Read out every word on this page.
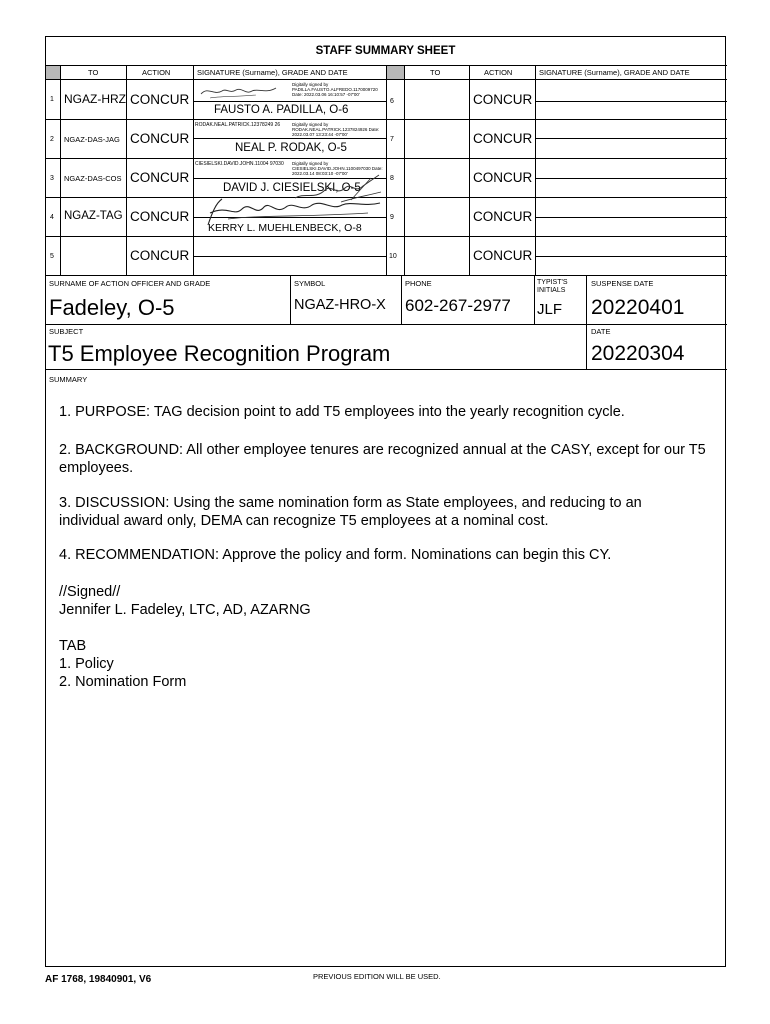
STAFF SUMMARY SHEET
TO	ACTION	SIGNATURE (Surname), GRADE AND DATE	TO	ACTION	SIGNATURE (Surname), GRADE AND DATE
1 NGAZ-HRZ CONCUR
Digitally signed by PADILLA.FAUSTO.ALFREDO.1170009720 Date: 2022.03.06 16:10:57 -07'00'
FAUSTO A. PADILLA, O-6
2 NGAZ-DAS-JAG CONCUR
RODAK.NEAL.PATRICK.12378249 26	Digitally signed by RODAK.NEAL.PATRICK.1237824926 Date: 2022.03.07 13:23:44 -07'00'
NEAL P. RODAK, O-5
3 NGAZ-DAS-COS CONCUR
CIESIELSKI.DAVID.JOHN.11004 97030	Digitally signed by CIESIELSKI.DAVID.JOHN.1100497030 Date: 2022.03.14 08:03:10 -07'00'
DAVID J. CIESIELSKI, O-5
4 NGAZ-TAG CONCUR
KERRY L. MUEHLENBECK, O-8
5	CONCUR
6	CONCUR
7	CONCUR
8	CONCUR
9	CONCUR
10	CONCUR
SURNAME OF ACTION OFFICER AND GRADE
Fadeley, O-5
SYMBOL
NGAZ-HRO-X
PHONE
602-267-2977
TYPIST'S
INITIALS
JLF
SUSPENSE DATE
20220401
SUBJECT
T5 Employee Recognition Program
DATE
20220304
SUMMARY
1. PURPOSE: TAG decision point to add T5 employees into the yearly recognition cycle.
2. BACKGROUND: All other employee tenures are recognized annual at the CASY, except for our T5 employees.
3. DISCUSSION: Using the same nomination form as State employees, and reducing to an individual award only, DEMA can recognize T5 employees at a nominal cost.
4. RECOMMENDATION: Approve the policy and form. Nominations can begin this CY.
//Signed//
Jennifer L. Fadeley, LTC, AD, AZARNG
TAB
1. Policy
2. Nomination Form
AF 1768, 19840901, V6	PREVIOUS EDITION WILL BE USED.
